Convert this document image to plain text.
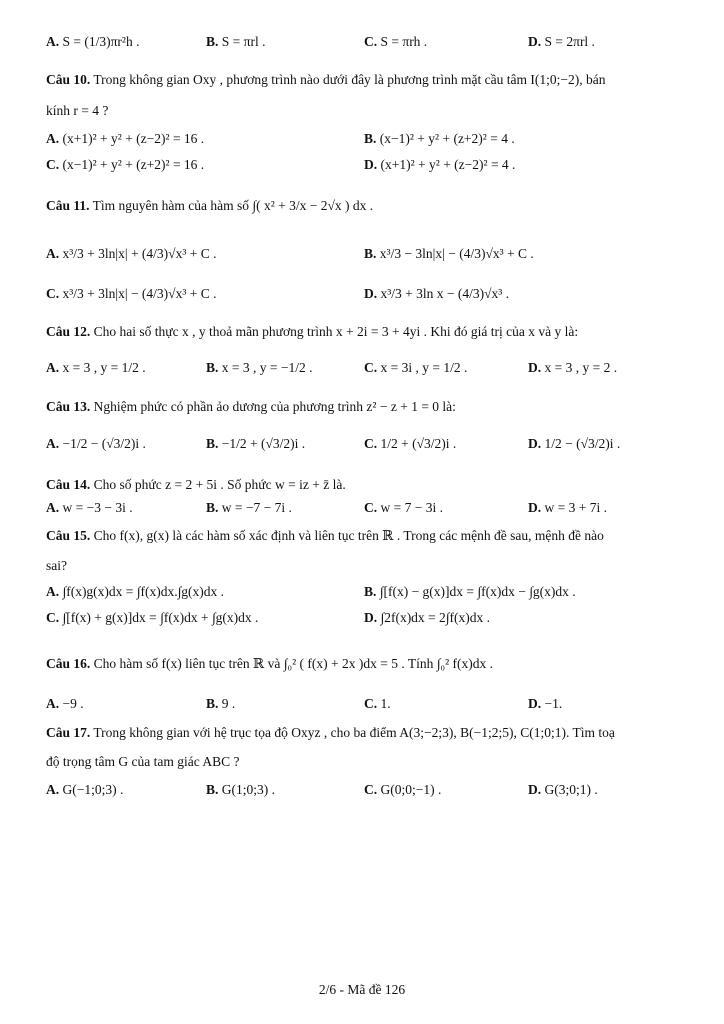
A. S = (1/3)πr²h .	B. S = πrl .	C. S = πrh .	D. S = 2πrl .
Câu 10. Trong không gian Oxy , phương trình nào dưới đây là phương trình mặt cầu tâm I(1;0;−2), bán
kính r = 4 ?
A. (x+1)² + y² + (z−2)² = 16 .	B. (x−1)² + y² + (z+2)² = 4 .
C. (x−1)² + y² + (z+2)² = 16 .	D. (x+1)² + y² + (z−2)² = 4 .
Câu 11. Tìm nguyên hàm của hàm số ∫( x² + 3/x − 2√x ) dx .
A. x³/3 + 3ln|x| + (4/3)√x³ + C .	B. x³/3 − 3ln|x| − (4/3)√x³ + C .
C. x³/3 + 3ln|x| − (4/3)√x³ + C .	D. x³/3 + 3ln x − (4/3)√x³ .
Câu 12. Cho hai số thực x , y thoả mãn phương trình x + 2i = 3 + 4yi . Khi đó giá trị của x và y là:
A. x = 3 , y = 1/2 .	B. x = 3 , y = −1/2 .	C. x = 3i , y = 1/2 .	D. x = 3 , y = 2 .
Câu 13. Nghiệm phức có phần ảo dương của phương trình z² − z + 1 = 0 là:
A. −1/2 − (√3/2)i .	B. −1/2 + (√3/2)i .	C. 1/2 + (√3/2)i .	D. 1/2 − (√3/2)i .
Câu 14. Cho số phức z = 2 + 5i . Số phức w = iz + z̄ là.
A. w = −3 − 3i .	B. w = −7 − 7i .	C. w = 7 − 3i .	D. w = 3 + 7i .
Câu 15. Cho f(x), g(x) là các hàm số xác định và liên tục trên ℝ . Trong các mệnh đề sau, mệnh đề nào
sai?
A. ∫f(x)g(x)dx = ∫f(x)dx.∫g(x)dx .	B. ∫[f(x) − g(x)]dx = ∫f(x)dx − ∫g(x)dx .
C. ∫[f(x) + g(x)]dx = ∫f(x)dx + ∫g(x)dx .	D. ∫2f(x)dx = 2∫f(x)dx .
Câu 16. Cho hàm số f(x) liên tục trên ℝ và ∫₀² ( f(x) + 2x )dx = 5 . Tính ∫₀² f(x)dx .
A. −9 .	B. 9 .	C. 1.	D. −1.
Câu 17. Trong không gian với hệ trục tọa độ Oxyz , cho ba điểm A(3;−2;3), B(−1;2;5), C(1;0;1). Tìm toạ
độ trọng tâm G của tam giác ABC ?
A. G(−1;0;3) .	B. G(1;0;3) .	C. G(0;0;−1) .	D. G(3;0;1) .
2/6 - Mã đề 126
